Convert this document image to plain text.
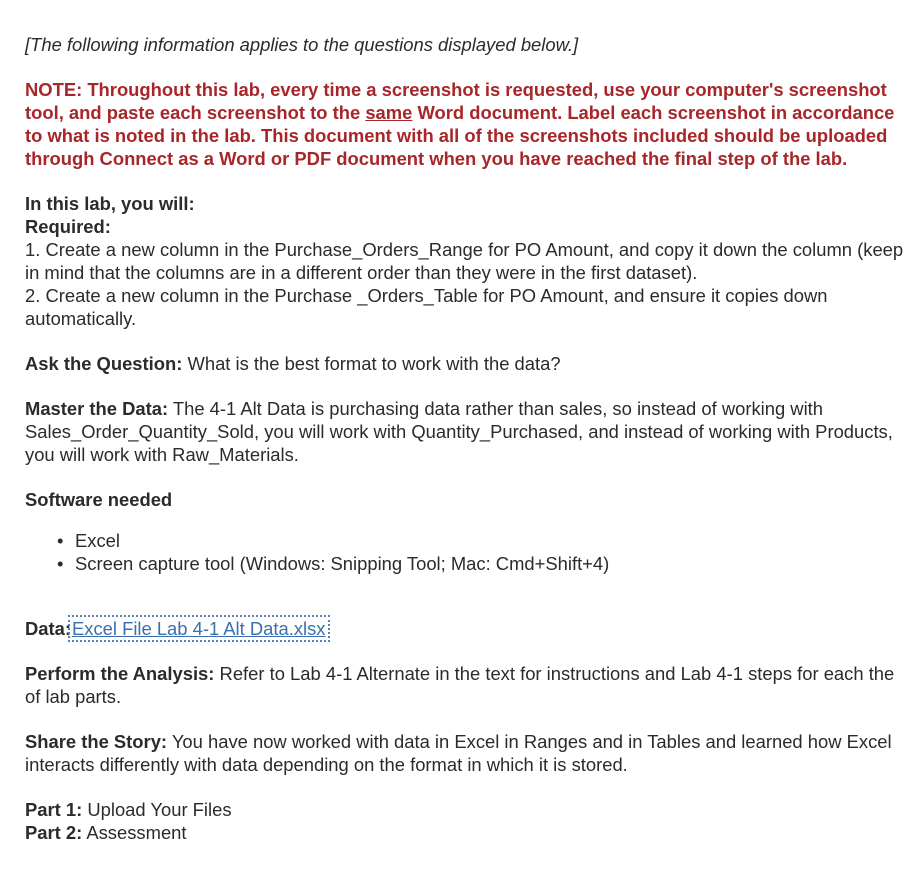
[The following information applies to the questions displayed below.]

NOTE: Throughout this lab, every time a screenshot is requested, use your computer's screenshot tool, and paste each screenshot to the same Word document. Label each screenshot in accordance to what is noted in the lab. This document with all of the screenshots included should be uploaded through Connect as a Word or PDF document when you have reached the final step of the lab.

In this lab, you will:

Required:

1. Create a new column in the Purchase_Orders_Range for PO Amount, and copy it down the column (keep in mind that the columns are in a different order than they were in the first dataset).

2. Create a new column in the Purchase _Orders_Table for PO Amount, and ensure it copies down automatically.

Ask the Question: What is the best format to work with the data?

Master the Data: The 4-1 Alt Data is purchasing data rather than sales, so instead of working with Sales_Order_Quantity_Sold, you will work with Quantity_Purchased, and instead of working with Products, you will work with Raw_Materials.

Software needed

• Excel
• Screen capture tool (Windows: Snipping Tool; Mac: Cmd+Shift+4)

Data:Excel File Lab 4-1 Alt Data.xlsx

Perform the Analysis: Refer to Lab 4-1 Alternate in the text for instructions and Lab 4-1 steps for each the of lab parts.

Share the Story: You have now worked with data in Excel in Ranges and in Tables and learned how Excel interacts differently with data depending on the format in which it is stored.

Part 1: Upload Your Files

Part 2: Assessment
